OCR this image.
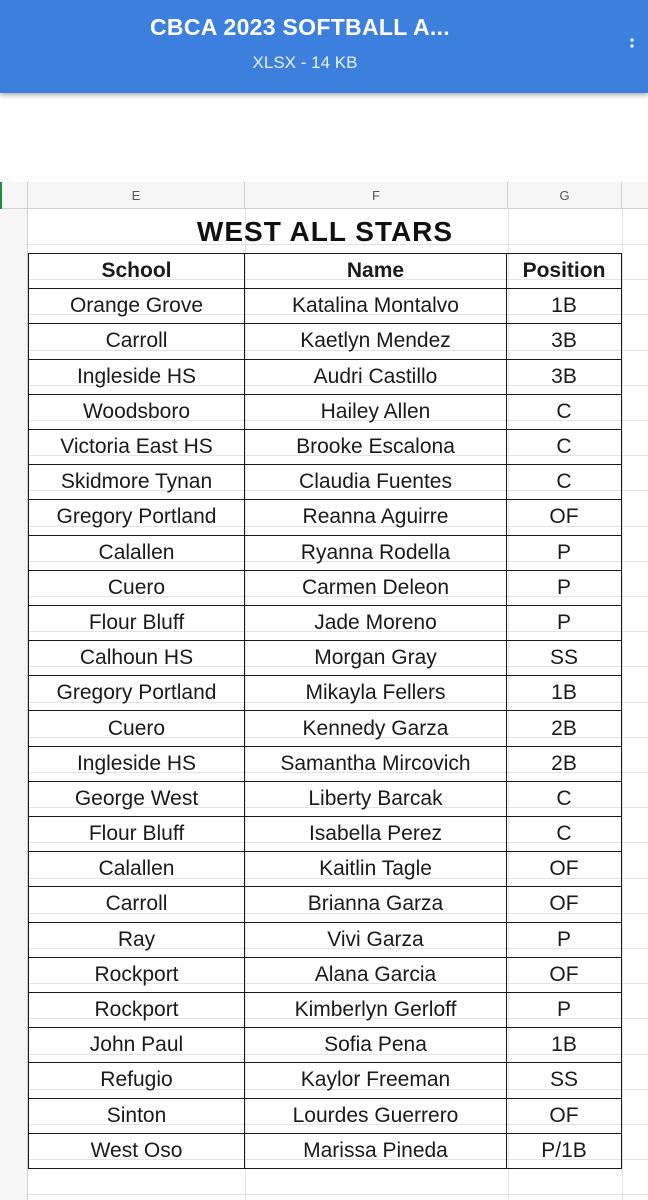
CBCA 2023 SOFTBALL A...
XLSX - 14 KB
E	F	G
WEST ALL STARS
School	Name	Position
Orange Grove	Katalina Montalvo	1B
Carroll	Kaetlyn Mendez	3B
Ingleside HS	Audri Castillo	3B
Woodsboro	Hailey Allen	C
Victoria East HS	Brooke Escalona	C
Skidmore Tynan	Claudia Fuentes	C
Gregory Portland	Reanna Aguirre	OF
Calallen	Ryanna Rodella	P
Cuero	Carmen Deleon	P
Flour Bluff	Jade Moreno	P
Calhoun HS	Morgan Gray	SS
Gregory Portland	Mikayla Fellers	1B
Cuero	Kennedy Garza	2B
Ingleside HS	Samantha Mircovich	2B
George West	Liberty Barcak	C
Flour Bluff	Isabella Perez	C
Calallen	Kaitlin Tagle	OF
Carroll	Brianna Garza	OF
Ray	Vivi Garza	P
Rockport	Alana Garcia	OF
Rockport	Kimberlyn Gerloff	P
John Paul	Sofia Pena	1B
Refugio	Kaylor Freeman	SS
Sinton	Lourdes Guerrero	OF
West Oso	Marissa Pineda	P/1B
